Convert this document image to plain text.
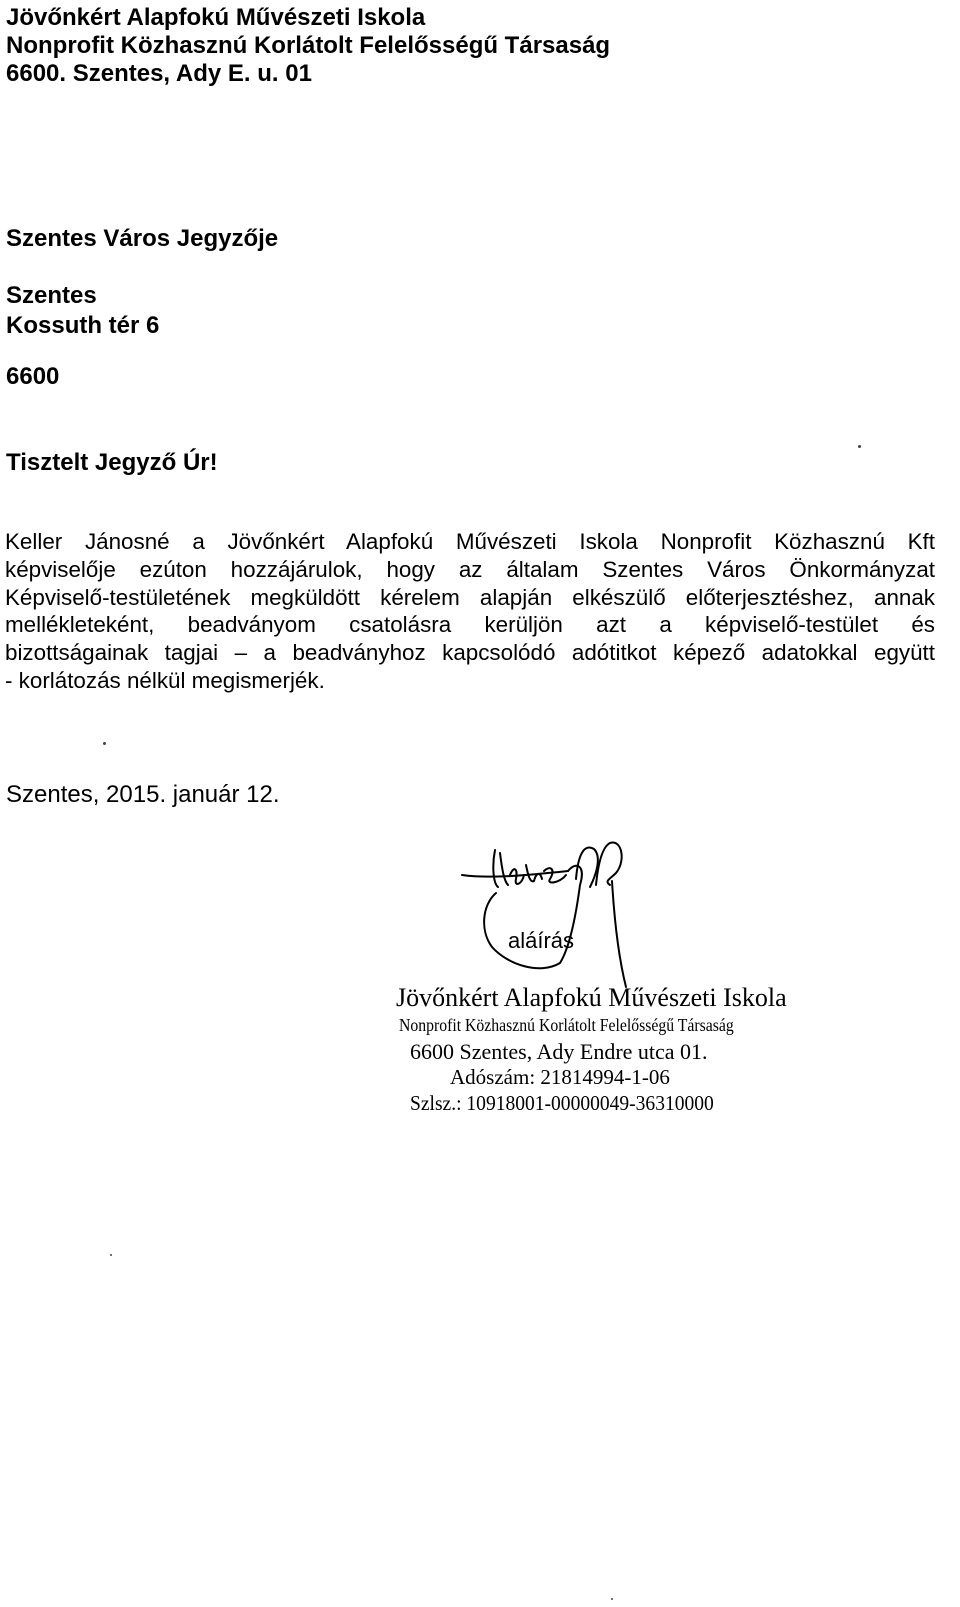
Jövőnkért Alapfokú Művészeti Iskola
Nonprofit Közhasznú Korlátolt Felelősségű Társaság
6600. Szentes, Ady E. u. 01
Szentes Város Jegyzője
Szentes
Kossuth tér 6
6600
Tisztelt Jegyző Úr!
Keller Jánosné a Jövőnkért Alapfokú Művészeti Iskola Nonprofit Közhasznú Kft
képviselője ezúton hozzájárulok, hogy az általam Szentes Város Önkormányzat
Képviselő-testületének megküldött kérelem alapján elkészülő előterjesztéshez, annak
mellékleteként, beadványom csatolásra kerüljön azt a képviselő-testület és
bizottságainak tagjai – a beadványhoz kapcsolódó adótitkot képező adatokkal együtt
- korlátozás nélkül megismerjék.
Szentes, 2015. január 12.
aláírás
Jövőnkért Alapfokú Művészeti Iskola
Nonprofit Közhasznú Korlátolt Felelősségű Társaság
6600 Szentes, Ady Endre utca 01.
Adószám: 21814994-1-06
Szlsz.: 10918001-00000049-36310000
